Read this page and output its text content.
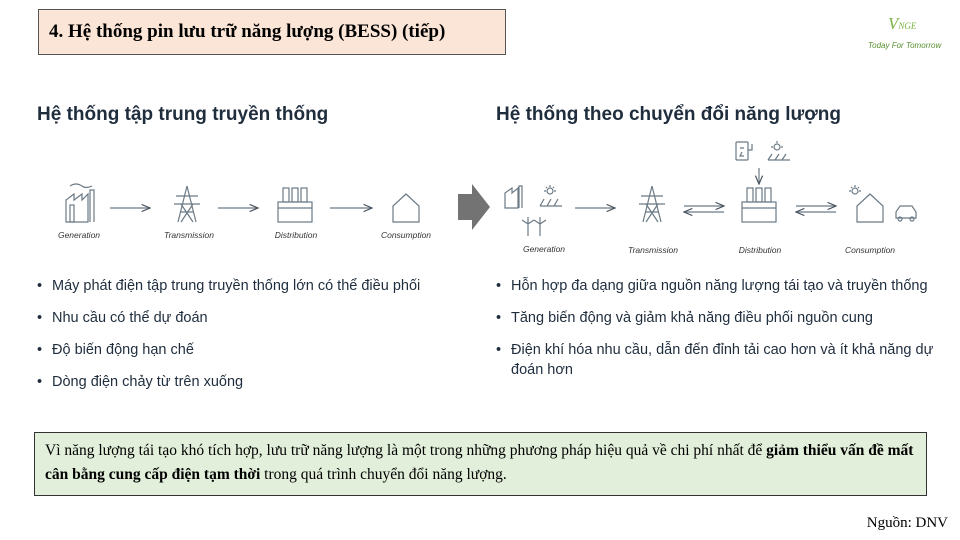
4. Hệ thống pin lưu trữ năng lượng (BESS) (tiếp)	VNGE
Today For Tomorrow
Hệ thống tập trung truyền thống	Hệ thống theo chuyển đổi năng lượng
Generation	Transmission	Distribution	Consumption
Generation	Transmission	Distribution	Consumption
• Máy phát điện tập trung truyền thống lớn có thể điều phối
• Nhu cầu có thể dự đoán
• Độ biến động hạn chế
• Dòng điện chảy từ trên xuống
• Hỗn hợp đa dạng giữa nguồn năng lượng tái tạo và truyền thống
• Tăng biến động và giảm khả năng điều phối nguồn cung
• Điện khí hóa nhu cầu, dẫn đến đỉnh tải cao hơn và ít khả năng dự đoán hơn
Vì năng lượng tái tạo khó tích hợp, lưu trữ năng lượng là một trong những phương pháp hiệu quả về chi phí nhất để giảm thiểu vấn đề mất cân bằng cung cấp điện tạm thời trong quá trình chuyển đổi năng lượng.
Nguồn: DNV
